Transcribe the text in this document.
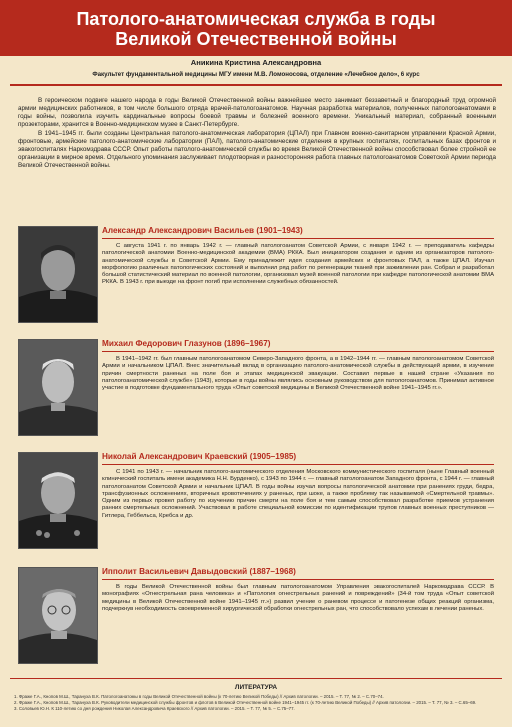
Патолого-анатомическая служба в годы
Великой Отечественной войны
Аникина Кристина Александровна
Факультет фундаментальной медицины МГУ имени М.В. Ломоносова, отделение «Лечебное дело», 6 курс

В героическом подвиге нашего народа в годы Великой Отечественной войны важнейшее место занимает беззаветный и благородный труд огромной армии медицинских работников, в том числе большого отряда врачей-патологоанатомов. Научная разработка материалов, полученных патологоанатомами в годы войны, позволила изучить кардинальные вопросы боевой травмы и болезней военного времени. Уникальный материал, собранный военными прозекторами, хранится в Военно-медицинском музее в Санкт-Петербурге.

В 1941–1945 гг. были созданы Центральная патолого-анатомическая лаборатория (ЦПАЛ) при Главном военно-санитарном управлении Красной Армии, фронтовые, армейские патолого-анатомические лаборатории (ПАЛ), патолого-анатомические отделения в крупных госпиталях, госпитальных базах фронтов и эвакогоспиталях Наркомздрава СССР. Опыт работы патолого-анатомической службы во время Великой Отечественной войны способствовал более стройной ее организации в мирное время. Отдельного упоминания заслуживает плодотворная и разносторонняя работа главных патологоанатомов Советской Армии периода Великой Отечественной войны.

Александр Александрович Васильев (1901–1943)

С августа 1941 г. по январь 1942 г. — главный патологоанатом Советской Армии, с января 1942 г. — преподаватель кафедры патологической анатомии Военно-медицинской академии (ВМА) РККА. Был инициатором создания и одним из организаторов патолого-анатомической службы в Советской Армии. Ему принадлежит идея создания армейских и фронтовых ПАЛ, а также ЦПАЛ. Изучал морфологию различных патологических состояний и выполнил ряд работ по регенерации тканей при заживлении ран. Собрал и разработал большой статистический материал по военной патологии, организовал музей военной патологии при кафедре патологической анатомии ВМА РККА. В 1943 г. при выезде на фронт погиб при исполнении служебных обязанностей.

Михаил Федорович Глазунов (1896–1967)

В 1941–1942 гг. был главным патологоанатомом Северо-Западного фронта, а в 1942–1944 гг. — главным патологоанатомом Советской Армии и начальником ЦПАЛ. Внес значительный вклад в организацию патолого-анатомической службы в действующей армии, в изучение причин смертности раненых на поле боя и этапах медицинской эвакуации. Составил первые в нашей стране «Указания по патологоанатомической службе» (1943), которые в годы войны являлись основным руководством для патологоанатомов. Принимал активное участие в подготовке фундаментального труда «Опыт советской медицины в Великой Отечественной войне 1941–1945 гг.».

Николай Александрович Краевский (1905–1985)

С 1941 по 1943 г. — начальник патолого-анатомического отделения Московского коммунистического госпиталя (ныне Главный военный клинический госпиталь имени академика Н.Н. Бурденко), с 1943 по 1944 г. — главный патологоанатом Западного фронта, с 1944 г. — главный патологоанатом Советской Армии и начальник ЦПАЛ. В годы войны изучал вопросы патологической анатомии при ранениях груди, бедра, трансфузионных осложнениях, вторичных кровотечениях у раненых, при шоке, а также проблему так называемой «Смертельной травмы». Одним из первых провел работу по изучению причин смерти на поле боя и тем самым способствовал разработке приемов устранения ранних смертельных осложнений. Участвовал в работе специальной комиссии по идентификации трупов главных военных преступников — Гитлера, Геббельса, Кребса и др.

Ипполит Васильевич Давыдовский (1887–1968)

В годы Великой Отечественной войны был главным патологоанатомом Управления эвакогоспиталей Наркомздрава СССР. В монографиях «Огнестрельная рана человека» и «Патология огнестрельных ранений и повреждений» (34-й том труда «Опыт советской медицины в Великой Отечественной войне 1941–1945 гг.») развил учение о раневом процессе и патогенезе общих реакций организма, подчеркнув необходимость своевременной хирургической обработки огнестрельных ран, что способствовало успехам в лечении раненых.

ЛИТЕРАТУРА
1. Фраже Г.А., Кнопов М.Ш., Тарануха В.К. Патологоанатомы в годы Великой Отечественной войны (к 70-летию Великой Победы) // Архив патологии. – 2015. – Т. 77, № 2. – С.70–74.
2. Фраже Г.А., Кнопов М.Ш., Тарануха В.К. Руководители медицинской службы фронтов и флотов в Великой Отечественной войне 1941–1945 гг. (к 70-летию Великой Победы) // Архив патологии. – 2015. – Т. 77, № 3. – С.65–69.
3. Соловьев Ю.Н. К 110-летию со дня рождения Николая Александровича Краевского // Архив патологии. – 2015. – Т. 77, № 5. – С.75–77.
